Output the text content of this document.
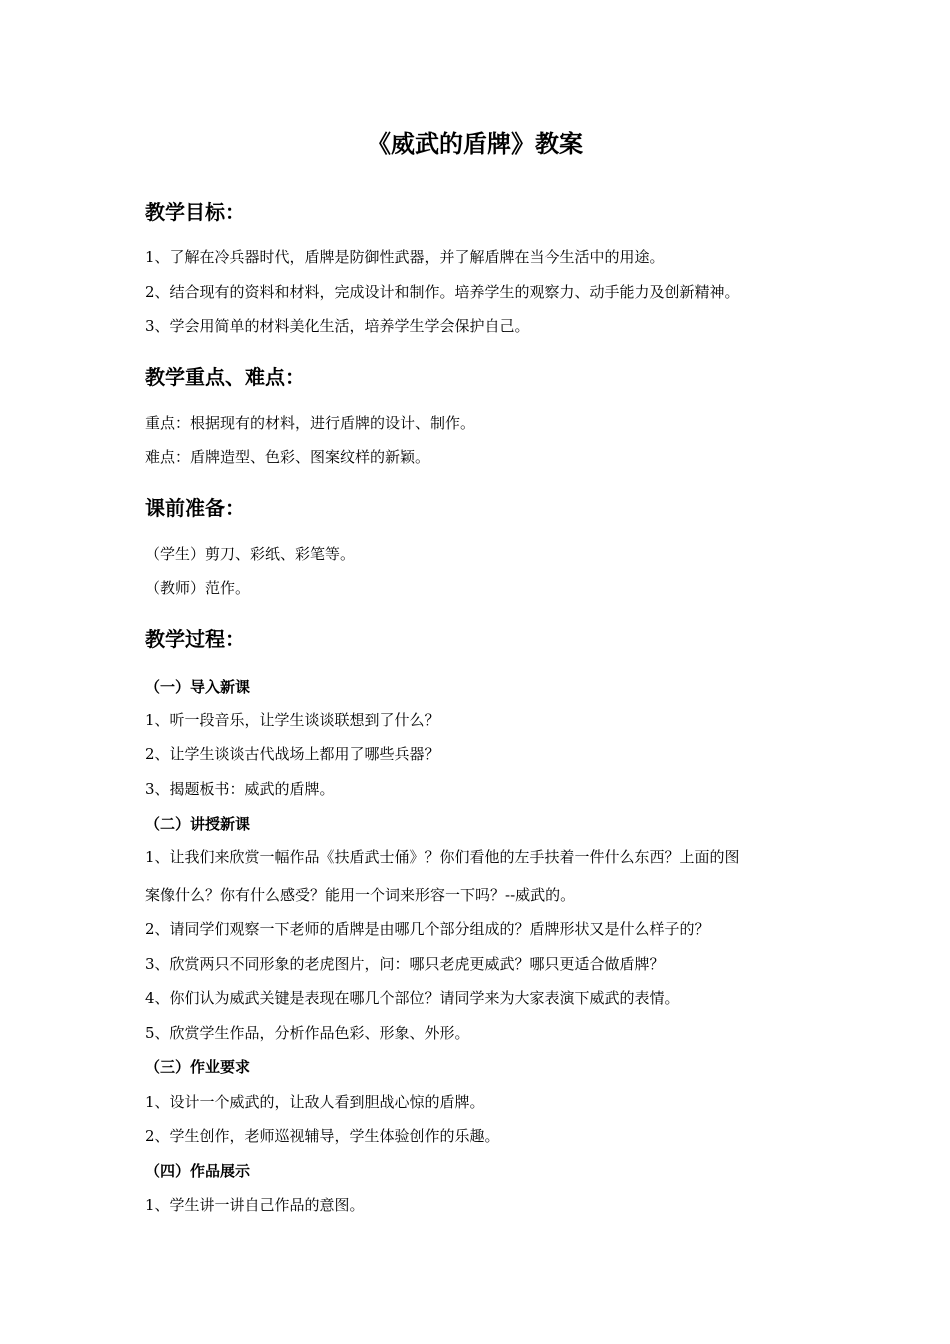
《威武的盾牌》教案
教学目标：

1、了解在冷兵器时代，盾牌是防御性武器，并了解盾牌在当今生活中的用途。

2、结合现有的资料和材料，完成设计和制作。培养学生的观察力、动手能力及创新精神。

3、学会用简单的材料美化生活，培养学生学会保护自己。

教学重点、难点：

重点：根据现有的材料，进行盾牌的设计、制作。

难点：盾牌造型、色彩、图案纹样的新颖。

课前准备：

（学生）剪刀、彩纸、彩笔等。

（教师）范作。

教学过程：
（一）导入新课

1、听一段音乐，让学生谈谈联想到了什么？

2、让学生谈谈古代战场上都用了哪些兵器？

3、揭题板书：威武的盾牌。

（二）讲授新课

1、让我们来欣赏一幅作品《扶盾武士俑》？你们看他的左手扶着一件什么东西？上面的图

案像什么？你有什么感受？能用一个词来形容一下吗？--威武的。

2、请同学们观察一下老师的盾牌是由哪几个部分组成的？盾牌形状又是什么样子的？

3、欣赏两只不同形象的老虎图片，问：哪只老虎更威武？哪只更适合做盾牌？

4、你们认为威武关键是表现在哪几个部位？请同学来为大家表演下威武的表情。

5、欣赏学生作品，分析作品色彩、形象、外形。

（三）作业要求

1、设计一个威武的，让敌人看到胆战心惊的盾牌。

2、学生创作，老师巡视辅导，学生体验创作的乐趣。

（四）作品展示

1、学生讲一讲自己作品的意图。
